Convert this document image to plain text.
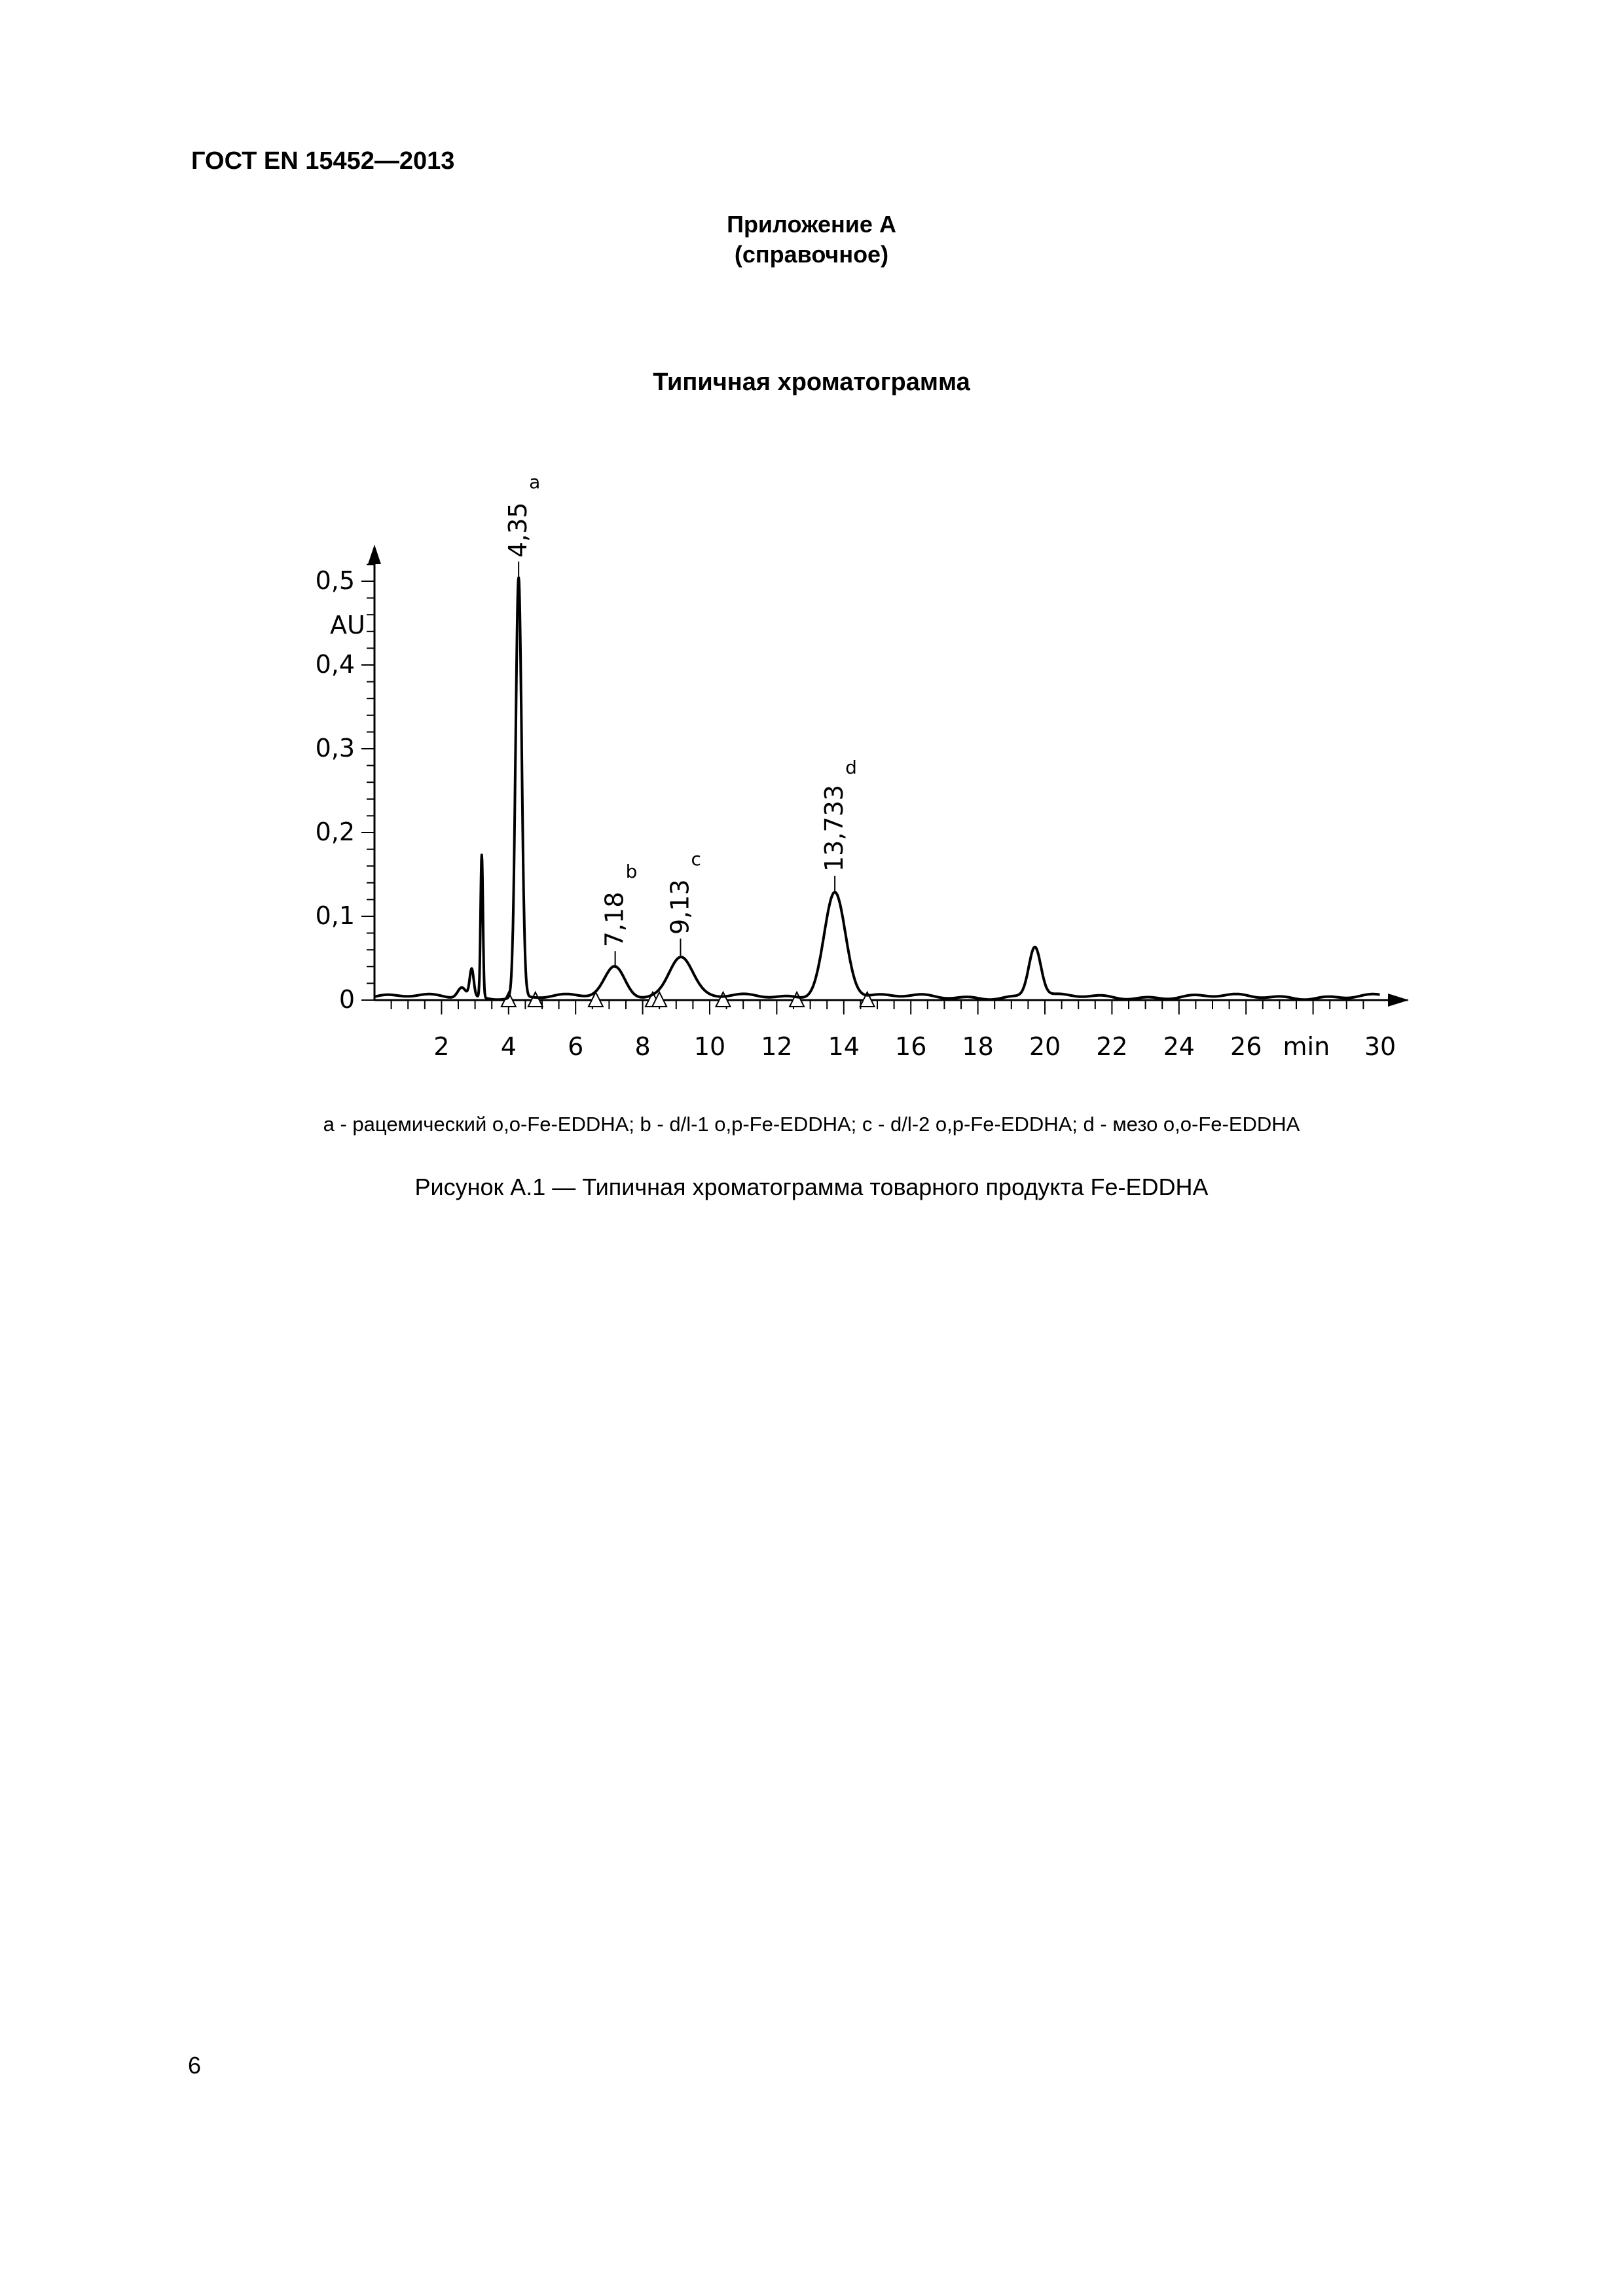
ГОСТ EN 15452—2013
Приложение А
(справочное)
Типичная хроматограмма
0
0,1
0,2
0,3
0,4
0,5
AU
2 4 6 8 10 12 14 16 18 20 22 24 26	30
min
4,35
a
7,18
b
9,13
c	13,733
d
a - рацемический о,о-Fe-EDDHA; b - d/l-1 o,p-Fe-EDDHA; c - d/l-2 o,p-Fe-EDDHA; d - мезо о,о-Fe-EDDHA
Рисунок А.1 — Типичная хроматограмма товарного продукта Fe-EDDHA
6
